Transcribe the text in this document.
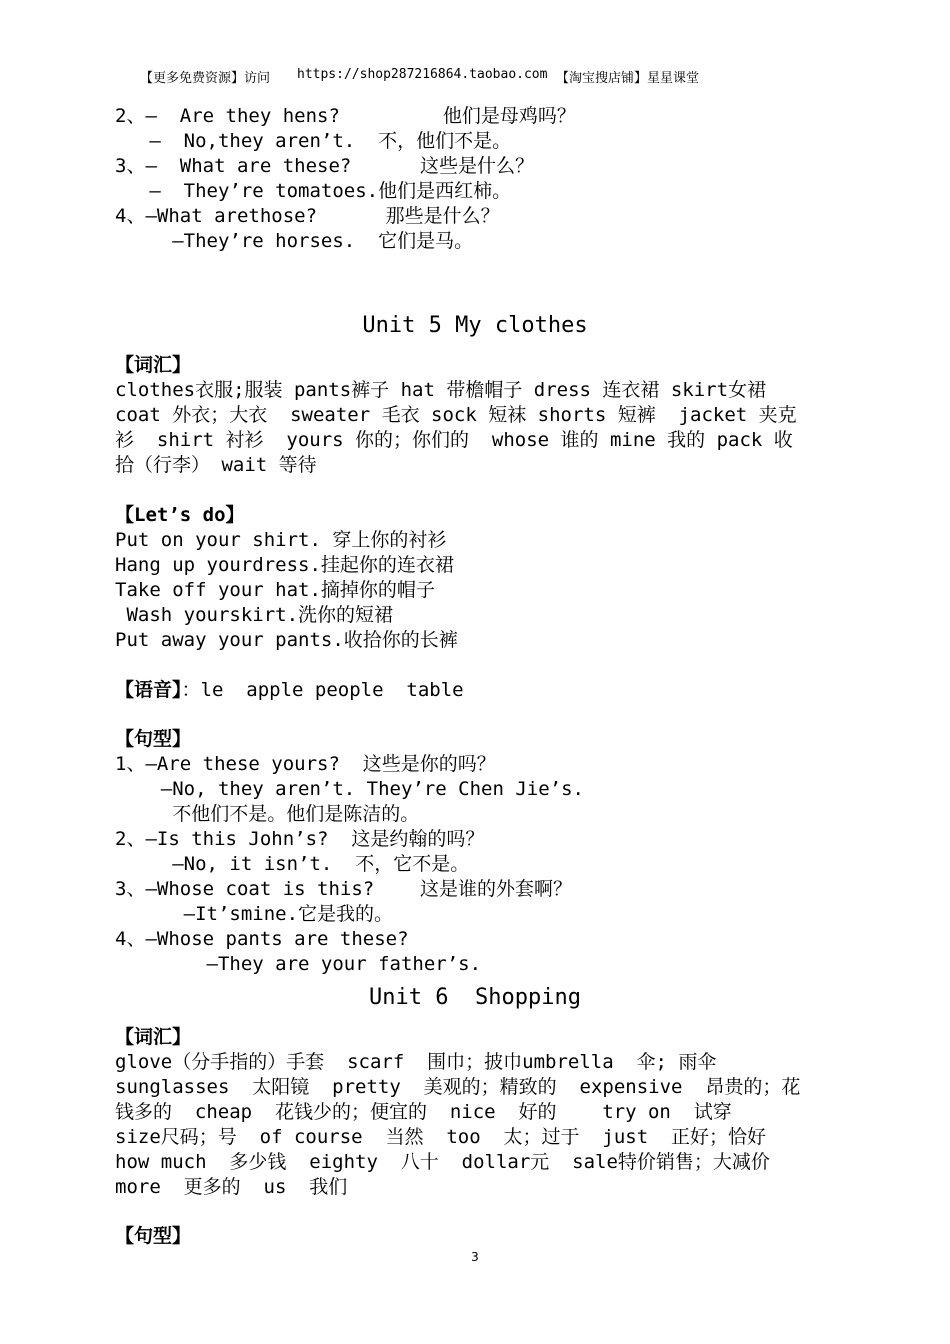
【更多免费资源】访问 https://shop287216864.taobao.com 【淘宝搜店铺】星星课堂
2、—  Are they hens?         他们是母鸡吗？
—  No,they aren’t.  不，他们不是。
3、—  What are these?      这些是什么？
—  They’re tomatoes.他们是西红柿。
4、—What arethose?      那些是什么？
—They’re horses.  它们是马。
Unit 5 My clothes
【词汇】
clothes衣服;服装 pants裤子 hat 带檐帽子 dress 连衣裙 skirt女裙
coat 外衣；大衣  sweater 毛衣 sock 短袜 shorts 短裤  jacket 夹克
衫  shirt 衬衫  yours 你的；你们的  whose 谁的 mine 我的 pack 收
拾（行李） wait 等待
【Let’s do】
Put on your shirt. 穿上你的衬衫
Hang up yourdress.挂起你的连衣裙
Take off your hat.摘掉你的帽子
Wash yourskirt.洗你的短裙
Put away your pants.收拾你的长裤
【语音】：le  apple people  table
【句型】
1、—Are these yours?  这些是你的吗？
—No, they aren’t. They’re Chen Jie’s.
不他们不是。他们是陈洁的。
2、—Is this John’s?  这是约翰的吗？
—No, it isn’t.  不，它不是。
3、—Whose coat is this?    这是谁的外套啊？
—It’smine.它是我的。
4、—Whose pants are these?
—They are your father’s.
Unit 6  Shopping
【词汇】
glove（分手指的）手套  scarf  围巾；披巾umbrella  伞; 雨伞
sunglasses  太阳镜  pretty  美观的；精致的  expensive  昂贵的；花
钱多的  cheap  花钱少的；便宜的  nice  好的    try on  试穿
size尺码；号  of course  当然  too  太；过于  just  正好；恰好
how much  多少钱  eighty  八十  dollar元  sale特价销售；大减价
more  更多的  us  我们
【句型】
3
